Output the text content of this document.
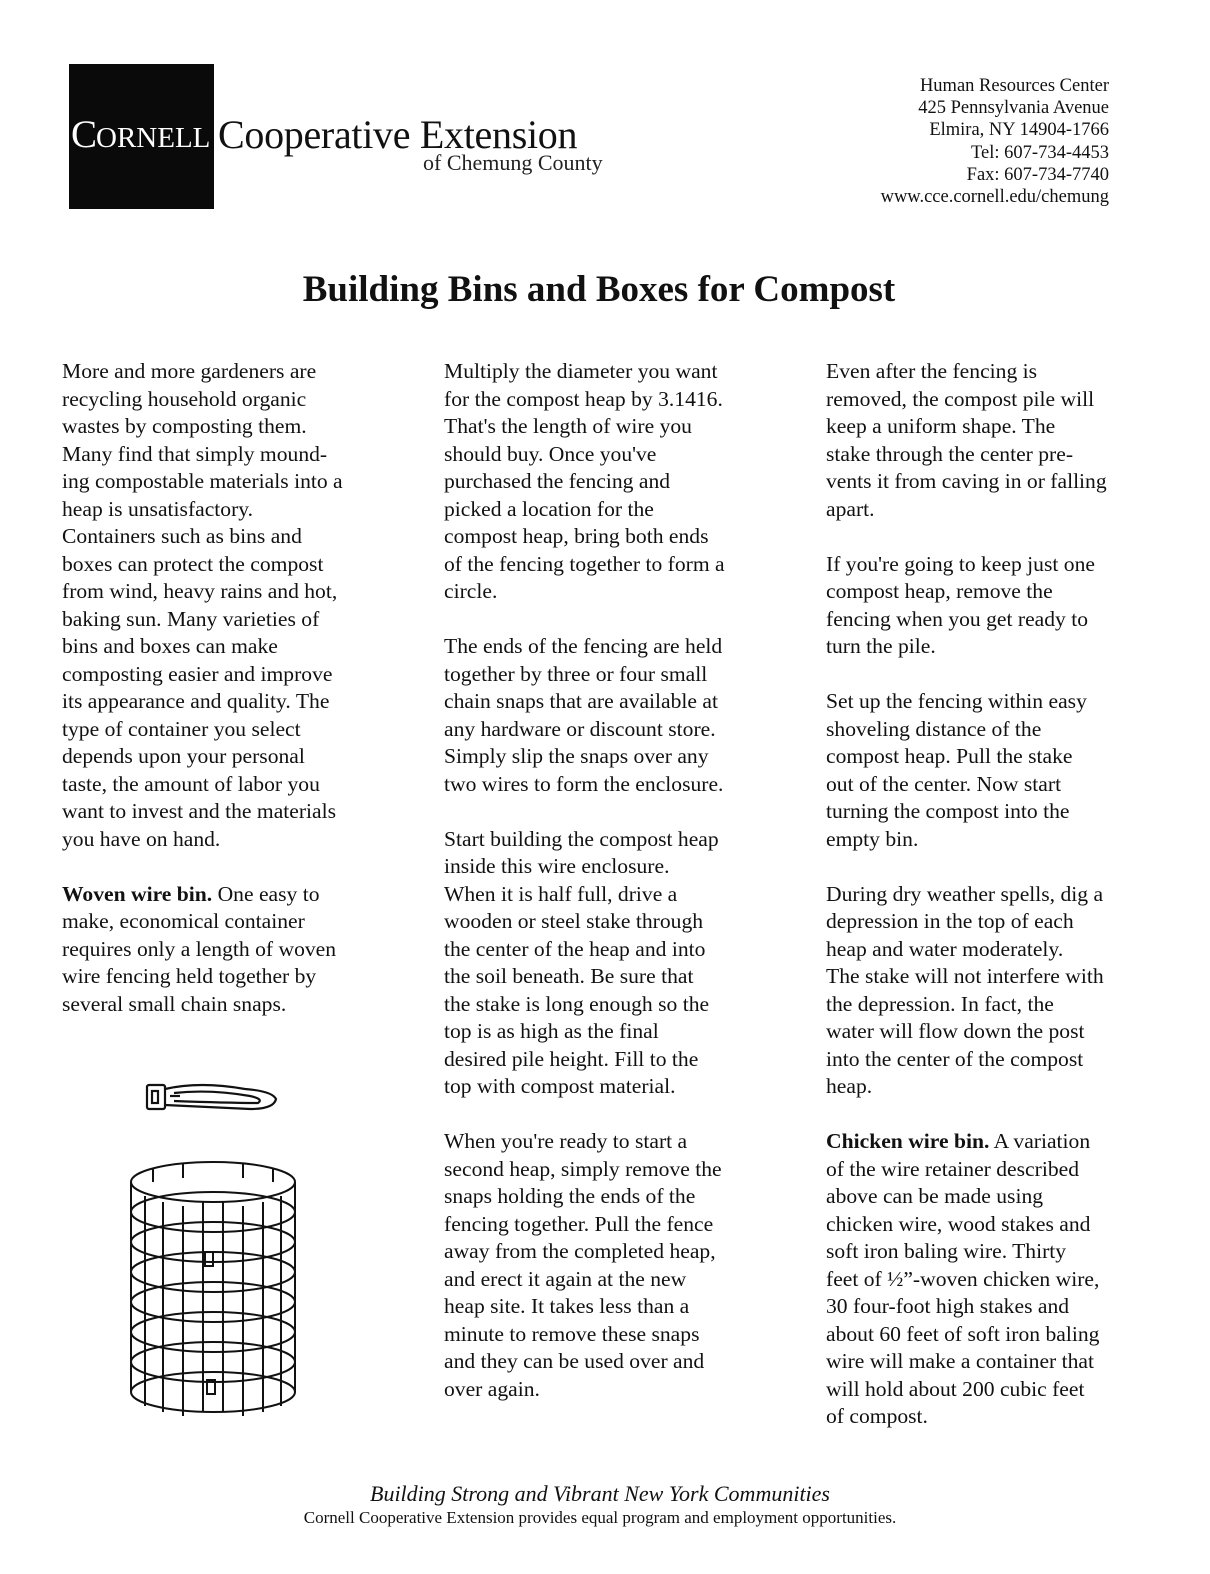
CORNELL Cooperative Extension
of Chemung County
Human Resources Center
425 Pennsylvania Avenue
Elmira, NY 14904-1766
Tel: 607-734-4453
Fax: 607-734-7740
www.cce.cornell.edu/chemung
Building Bins and Boxes for Compost

More and more gardeners are
recycling household organic
wastes by composting them.
Many find that simply mound-
ing compostable materials into a
heap is unsatisfactory.
Containers such as bins and
boxes can protect the compost
from wind, heavy rains and hot,
baking sun. Many varieties of
bins and boxes can make
composting easier and improve
its appearance and quality. The
type of container you select
depends upon your personal
taste, the amount of labor you
want to invest and the materials
you have on hand.

Woven wire bin. One easy to
make, economical container
requires only a length of woven
wire fencing held together by
several small chain snaps.

Multiply the diameter you want
for the compost heap by 3.1416.
That's the length of wire you
should buy. Once you've
purchased the fencing and
picked a location for the
compost heap, bring both ends
of the fencing together to form a
circle.

The ends of the fencing are held
together by three or four small
chain snaps that are available at
any hardware or discount store.
Simply slip the snaps over any
two wires to form the enclosure.

Start building the compost heap
inside this wire enclosure.
When it is half full, drive a
wooden or steel stake through
the center of the heap and into
the soil beneath. Be sure that
the stake is long enough so the
top is as high as the final
desired pile height. Fill to the
top with compost material.

When you're ready to start a
second heap, simply remove the
snaps holding the ends of the
fencing together. Pull the fence
away from the completed heap,
and erect it again at the new
heap site. It takes less than a
minute to remove these snaps
and they can be used over and
over again.

Even after the fencing is
removed, the compost pile will
keep a uniform shape. The
stake through the center pre-
vents it from caving in or falling
apart.

If you're going to keep just one
compost heap, remove the
fencing when you get ready to
turn the pile.

Set up the fencing within easy
shoveling distance of the
compost heap. Pull the stake
out of the center. Now start
turning the compost into the
empty bin.

During dry weather spells, dig a
depression in the top of each
heap and water moderately.
The stake will not interfere with
the depression. In fact, the
water will flow down the post
into the center of the compost
heap.

Chicken wire bin. A variation
of the wire retainer described
above can be made using
chicken wire, wood stakes and
soft iron baling wire. Thirty
feet of ½”-woven chicken wire,
30 four-foot high stakes and
about 60 feet of soft iron baling
wire will make a container that
will hold about 200 cubic feet
of compost.

Building Strong and Vibrant New York Communities
Cornell Cooperative Extension provides equal program and employment opportunities.
